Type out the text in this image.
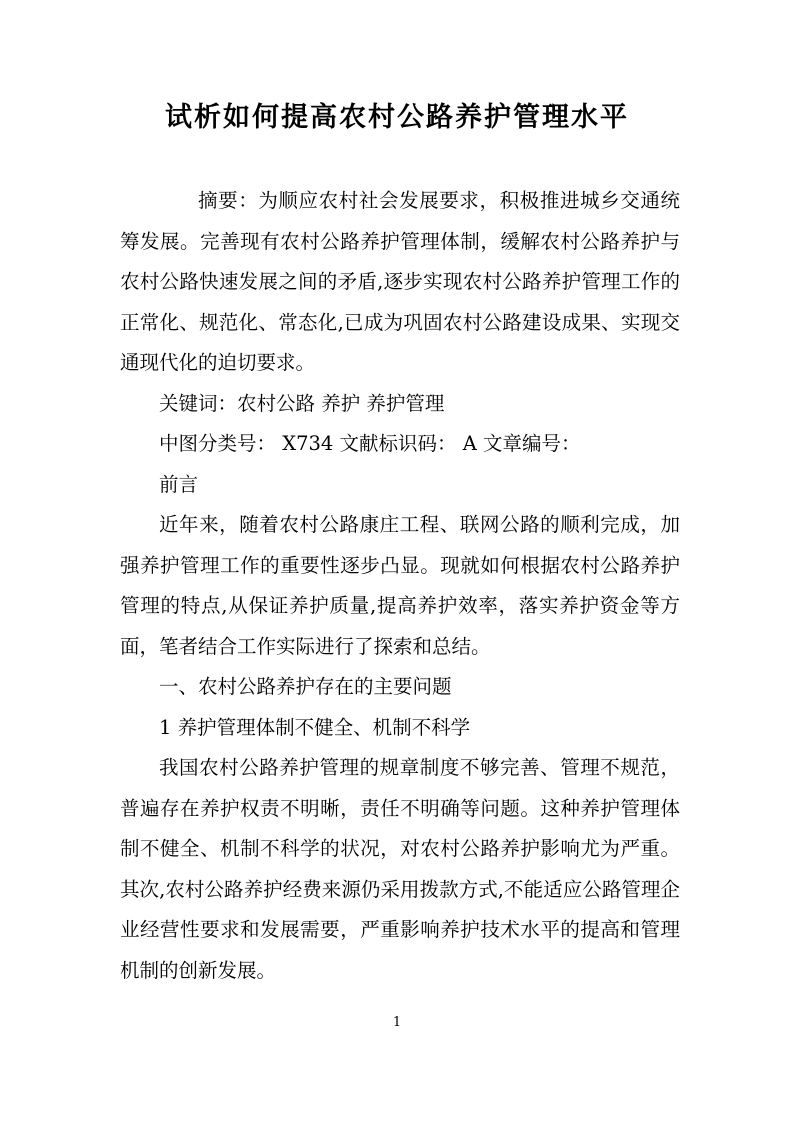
试析如何提高农村公路养护管理水平

摘要：为顺应农村社会发展要求，积极推进城乡交通统筹发展。完善现有农村公路养护管理体制，缓解农村公路养护与农村公路快速发展之间的矛盾,逐步实现农村公路养护管理工作的正常化、规范化、常态化,已成为巩固农村公路建设成果、实现交通现代化的迫切要求。

关键词：农村公路 养护 养护管理

中图分类号： X734 文献标识码： A 文章编号：

前言

近年来，随着农村公路康庄工程、联网公路的顺利完成，加强养护管理工作的重要性逐步凸显。现就如何根据农村公路养护管理的特点,从保证养护质量,提高养护效率，落实养护资金等方面，笔者结合工作实际进行了探索和总结。

一、农村公路养护存在的主要问题

1 养护管理体制不健全、机制不科学

我国农村公路养护管理的规章制度不够完善、管理不规范，普遍存在养护权责不明晰，责任不明确等问题。这种养护管理体制不健全、机制不科学的状况，对农村公路养护影响尤为严重。其次,农村公路养护经费来源仍采用拨款方式,不能适应公路管理企业经营性要求和发展需要，严重影响养护技术水平的提高和管理机制的创新发展。

1
